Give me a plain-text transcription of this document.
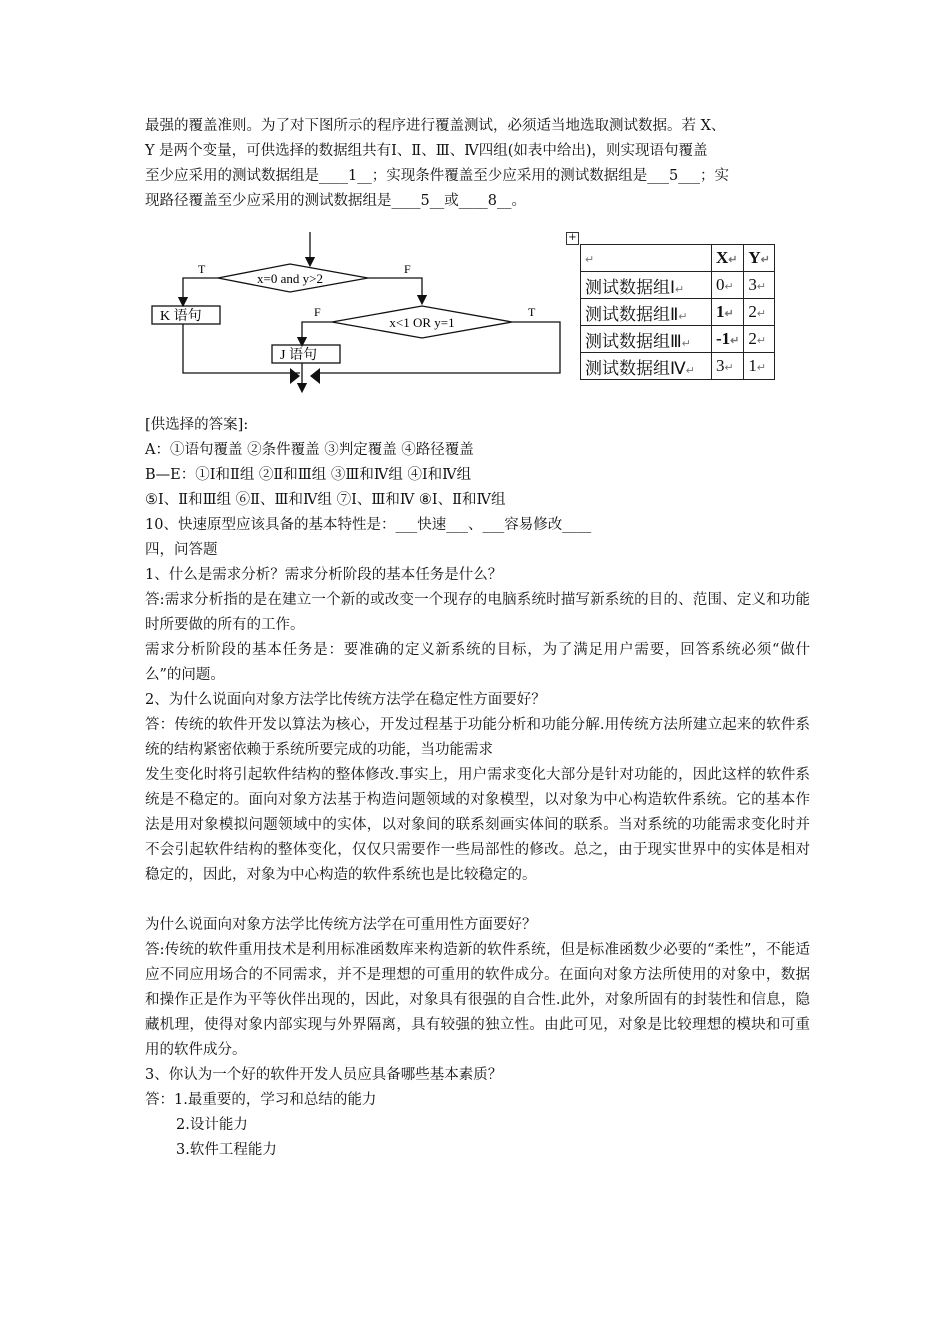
最强的覆盖准则。为了对下图所示的程序进行覆盖测试，必须适当地选取测试数据。若 X、

Y 是两个变量，可供选择的数据组共有Ⅰ、Ⅱ、Ⅲ、Ⅳ四组(如表中给出)，则实现语句覆盖

至少应采用的测试数据组是____1__；实现条件覆盖至少应采用的测试数据组是___5___；实

现路径覆盖至少应采用的测试数据组是____5__或____8__。

x=0 and y>2
T	F
K 语句	x<1 OR y=1
F	T
J 语句
+
↵	X↵	Y↵
测试数据组Ⅰ↵	0↵	3↵
测试数据组Ⅱ↵	1↵	2↵
测试数据组Ⅲ↵	-1↵	2↵
测试数据组Ⅳ↵	3↵	1↵

[供选择的答案]:

A：①语句覆盖 ②条件覆盖 ③判定覆盖 ④路径覆盖

B—E：①Ⅰ和Ⅱ组 ②Ⅱ和Ⅲ组 ③Ⅲ和Ⅳ组 ④Ⅰ和Ⅳ组

⑤Ⅰ、Ⅱ和Ⅲ组 ⑥Ⅱ、Ⅲ和Ⅳ组 ⑦Ⅰ、Ⅲ和Ⅳ ⑧Ⅰ、Ⅱ和Ⅳ组

10、快速原型应该具备的基本特性是：___快速___、___容易修改____

四，问答题

1、什么是需求分析？需求分析阶段的基本任务是什么？

答:需求分析指的是在建立一个新的或改变一个现存的电脑系统时描写新系统的目的、范围、定义和功能时所要做的所有的工作。

需求分析阶段的基本任务是：要准确的定义新系统的目标，为了满足用户需要，回答系统必须“做什么”的问题。

2、为什么说面向对象方法学比传统方法学在稳定性方面要好？

答：传统的软件开发以算法为核心，开发过程基于功能分析和功能分解.用传统方法所建立起来的软件系统的结构紧密依赖于系统所要完成的功能，当功能需求

发生变化时将引起软件结构的整体修改.事实上，用户需求变化大部分是针对功能的，因此这样的软件系统是不稳定的。面向对象方法基于构造问题领域的对象模型，以对象为中心构造软件系统。它的基本作法是用对象模拟问题领域中的实体，以对象间的联系刻画实体间的联系。当对系统的功能需求变化时并不会引起软件结构的整体变化，仅仅只需要作一些局部性的修改。总之，由于现实世界中的实体是相对稳定的，因此，对象为中心构造的软件系统也是比较稳定的。

为什么说面向对象方法学比传统方法学在可重用性方面要好？

答:传统的软件重用技术是利用标准函数库来构造新的软件系统，但是标准函数少必要的“柔性”，不能适应不同应用场合的不同需求，并不是理想的可重用的软件成分。在面向对象方法所使用的对象中，数据和操作正是作为平等伙伴出现的，因此，对象具有很强的自合性.此外，对象所固有的封装性和信息，隐藏机理，使得对象内部实现与外界隔离，具有较强的独立性。由此可见，对象是比较理想的模块和可重用的软件成分。

3、你认为一个好的软件开发人员应具备哪些基本素质？

答：1.最重要的，学习和总结的能力

2.设计能力

3.软件工程能力
